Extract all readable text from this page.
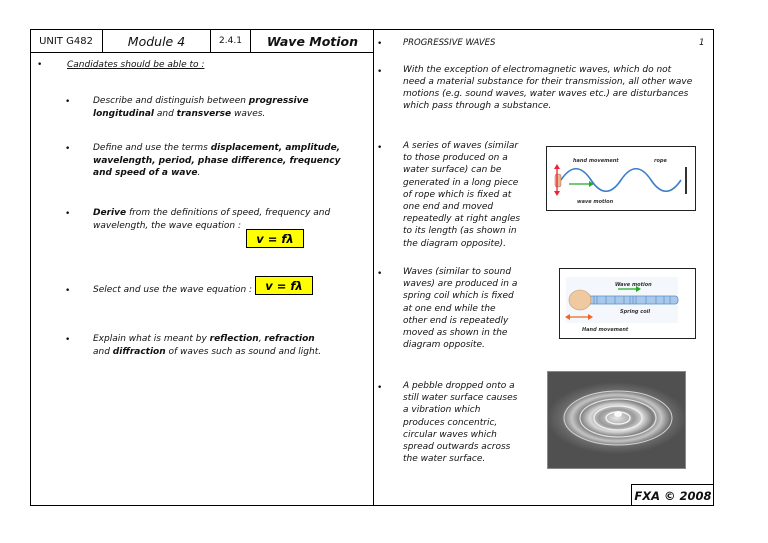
UNIT G482	Module 4	2.4.1 Wave Motion
•	Candidates should be able to :

•	Describe and distinguish between progressive longitudinal and transverse waves.

•	Define and use the terms displacement, amplitude, wavelength, period, phase difference, frequency and speed of a wave.

•	Derive from the definitions of speed, frequency and wavelength, the wave equation :

v = fλ
•	Select and use the wave equation : v = fλ
•	Explain what is meant by reflection, refraction and diffraction of waves such as sound and light.

• PROGRESSIVE WAVES	1
• With the exception of electromagnetic waves, which do not need a material substance for their transmission, all other wave motions (e.g. sound waves, water waves etc.) are disturbances which pass through a substance.

• A series of waves (similar to those produced on a water surface) can be generated in a long piece of rope which is fixed at one end and moved repeatedly at right angles to its length (as shown in the diagram opposite).

hand movement	rope
wave motion
• Waves (similar to sound waves) are produced in a spring coil which is fixed at one end while the other end is repeatedly moved as shown in the diagram opposite.

Wave motion
Spring coil
Hand movement
• A pebble dropped onto a still water surface causes a vibration which produces concentric, circular waves which spread outwards across the water surface.

FXA © 2008
